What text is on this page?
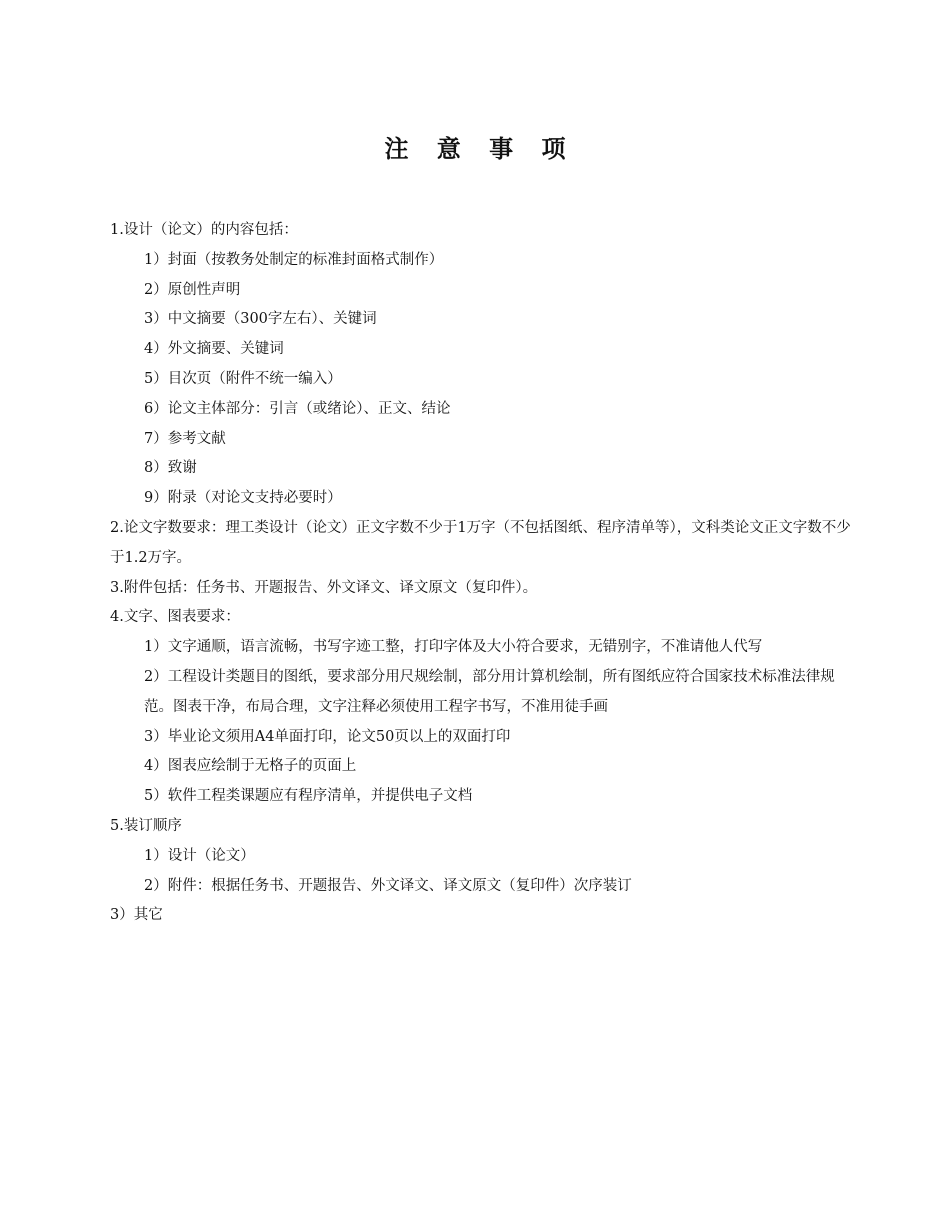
注 意 事 项

1.设计（论文）的内容包括：

1）封面（按教务处制定的标准封面格式制作）

2）原创性声明

3）中文摘要（300字左右）、关键词

4）外文摘要、关键词

5）目次页（附件不统一编入）

6）论文主体部分：引言（或绪论）、正文、结论

7）参考文献

8）致谢

9）附录（对论文支持必要时）

2.论文字数要求：理工类设计（论文）正文字数不少于1万字（不包括图纸、程序清单等），文科类论文正文字数不少于1.2万字。

3.附件包括：任务书、开题报告、外文译文、译文原文（复印件）。

4.文字、图表要求：

1）文字通顺，语言流畅，书写字迹工整，打印字体及大小符合要求，无错别字，不准请他人代写

2）工程设计类题目的图纸，要求部分用尺规绘制，部分用计算机绘制，所有图纸应符合国家技术标准法律规范。图表干净，布局合理，文字注释必须使用工程字书写，不准用徒手画

3）毕业论文须用A4单面打印，论文50页以上的双面打印

4）图表应绘制于无格子的页面上

5）软件工程类课题应有程序清单，并提供电子文档

5.装订顺序

1）设计（论文）

2）附件：根据任务书、开题报告、外文译文、译文原文（复印件）次序装订

3）其它
